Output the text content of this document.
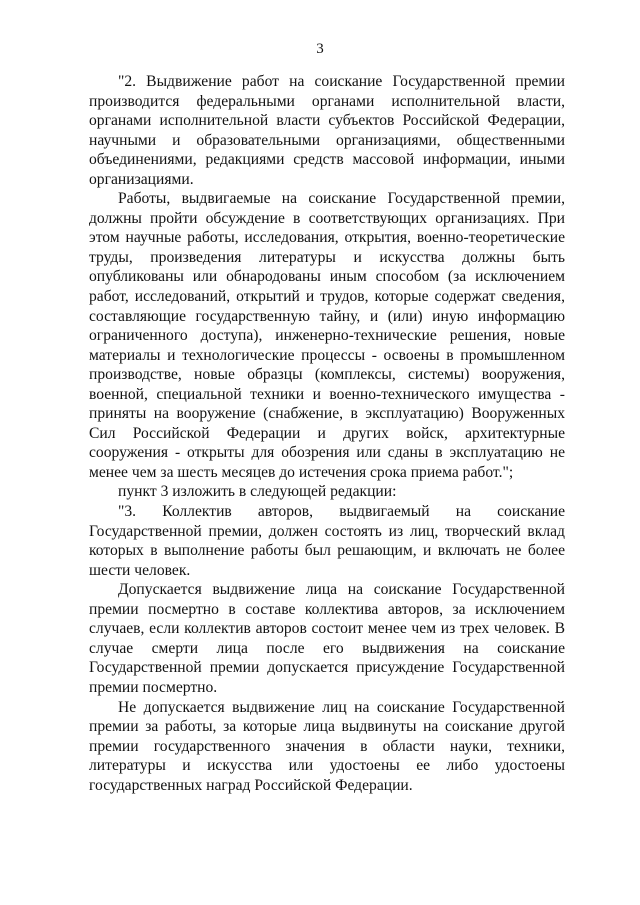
3

"2. Выдвижение работ на соискание Государственной премии производится федеральными органами исполнительной власти, органами исполнительной власти субъектов Российской Федерации, научными и образовательными организациями, общественными объединениями, редакциями средств массовой информации, иными организациями.

Работы, выдвигаемые на соискание Государственной премии, должны пройти обсуждение в соответствующих организациях. При этом научные работы, исследования, открытия, военно-теоретические труды, произведения литературы и искусства должны быть опубликованы или обнародованы иным способом (за исключением работ, исследований, открытий и трудов, которые содержат сведения, составляющие государственную тайну, и (или) иную информацию ограниченного доступа), инженерно-технические решения, новые материалы и технологические процессы - освоены в промышленном производстве, новые образцы (комплексы, системы) вооружения, военной, специальной техники и военно-технического имущества - приняты на вооружение (снабжение, в эксплуатацию) Вооруженных Сил Российской Федерации и других войск, архитектурные сооружения - открыты для обозрения или сданы в эксплуатацию не менее чем за шесть месяцев до истечения срока приема работ.";

пункт 3 изложить в следующей редакции:

"3. Коллектив авторов, выдвигаемый на соискание Государственной премии, должен состоять из лиц, творческий вклад которых в выполнение работы был решающим, и включать не более шести человек.

Допускается выдвижение лица на соискание Государственной премии посмертно в составе коллектива авторов, за исключением случаев, если коллектив авторов состоит менее чем из трех человек. В случае смерти лица после его выдвижения на соискание Государственной премии допускается присуждение Государственной премии посмертно.

Не допускается выдвижение лиц на соискание Государственной премии за работы, за которые лица выдвинуты на соискание другой премии государственного значения в области науки, техники, литературы и искусства или удостоены ее либо удостоены государственных наград Российской Федерации.
